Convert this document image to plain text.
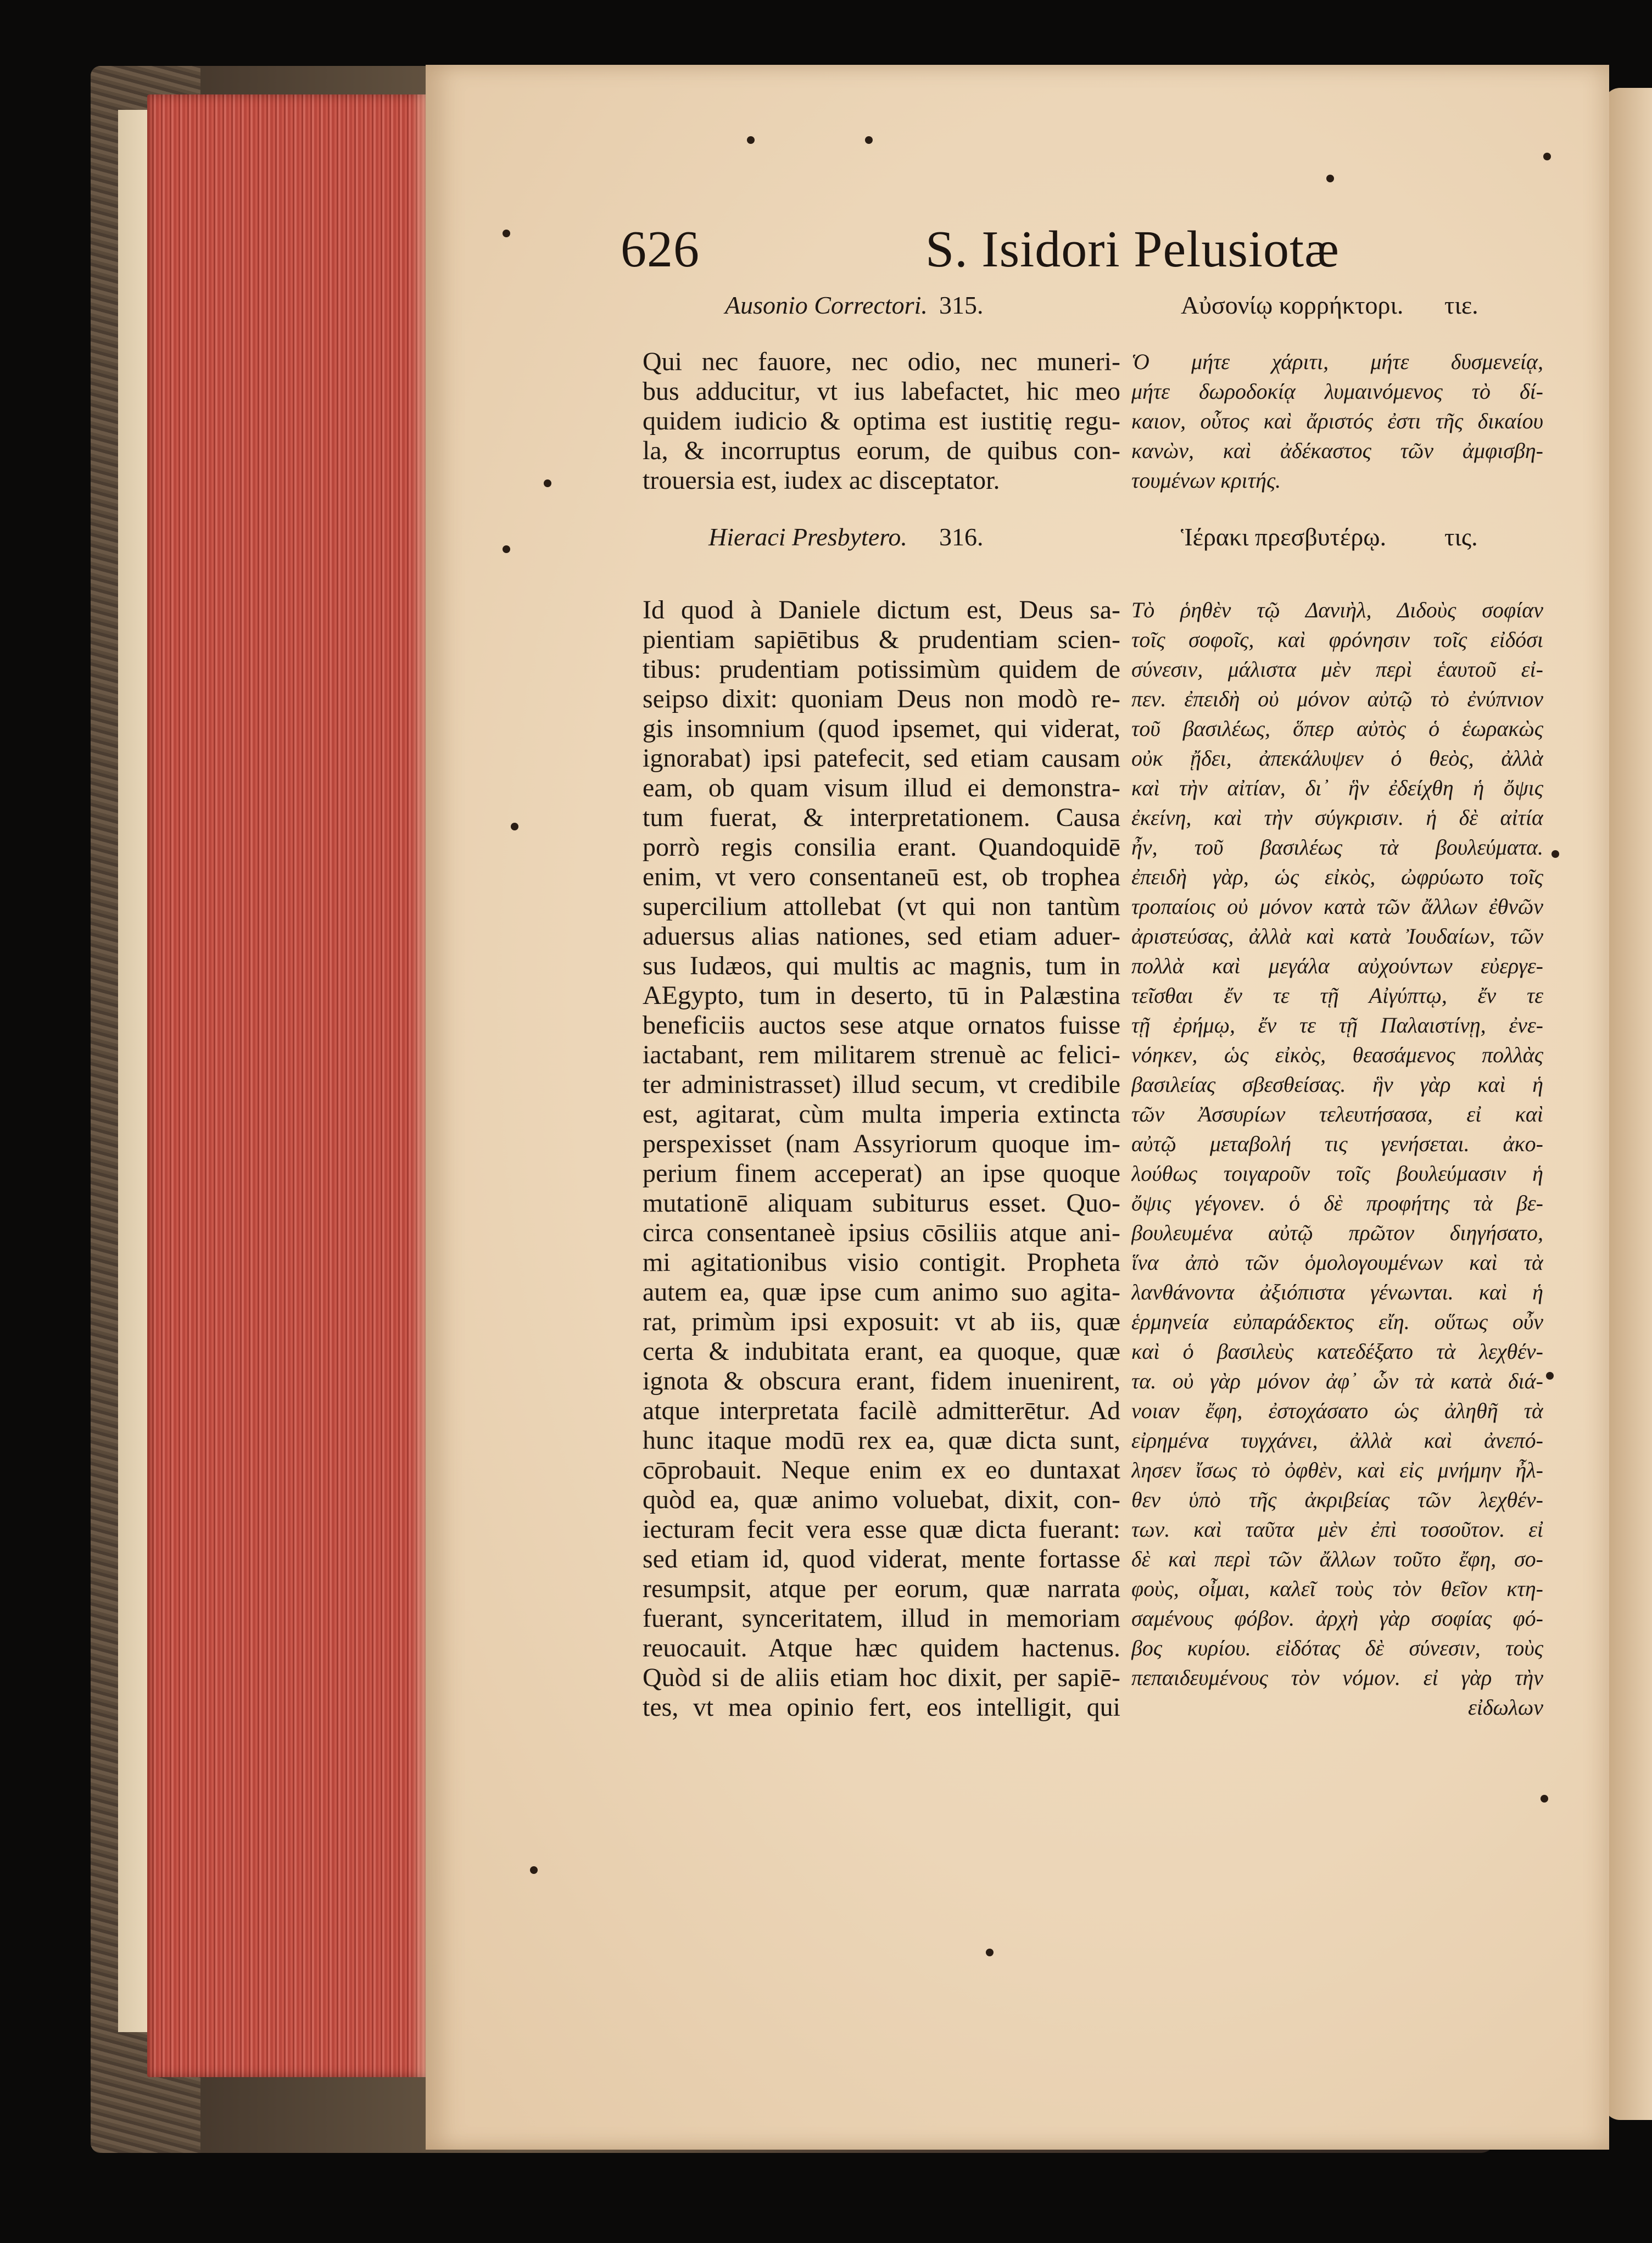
626	S. Isidori Pelusiotæ
Ausonio Correctori. 315.
Qui nec fauore, nec odio, nec muneri-
bus adducitur, vt ius labefactet, hic meo
quidem iudicio & optima est iustitię regu-
la, & incorruptus eorum, de quibus con-
trouersia est, iudex ac disceptator.
Hieraci Presbytero. 316.
Id quod à Daniele dictum est, Deus sa-
pientiam sapiētibus & prudentiam scien-
tibus: prudentiam potissimùm quidem de
seipso dixit: quoniam Deus non modò re-
gis insomnium (quod ipsemet, qui viderat,
ignorabat) ipsi patefecit, sed etiam causam
eam, ob quam visum illud ei demonstra-
tum fuerat, & interpretationem. Causa
porrò regis consilia erant. Quandoquidē
enim, vt vero consentaneū est, ob tropheа
supercilium attollebat (vt qui non tantùm
aduersus alias nationes, sed etiam aduer-
sus Iudæos, qui multis ac magnis, tum in
AEgypto, tum in deserto, tū in Palæstina
beneficiis auctos sese atque ornatos fuisse
iactabant, rem militarem strenuè ac felici-
ter administrasset) illud secum, vt credibile
est, agitarat, cùm multa imperia extincta
perspexisset (nam Assyriorum quoque im-
perium finem acceperat) an ipse quoque
mutationē aliquam subiturus esset. Quo-
circa consentaneè ipsius cōsiliis atque ani-
mi agitationibus visio contigit. Propheta
autem ea, quæ ipse cum animo suo agita-
rat, primùm ipsi exposuit: vt ab iis, quæ
certa & indubitata erant, ea quoque, quæ
ignota & obscura erant, fidem inuenirent,
atque interpretata facilè admitterētur. Ad
hunc itaque modū rex ea, quæ dicta sunt,
cōprobauit. Neque enim ex eo duntaxat
quòd ea, quæ animo voluebat, dixit, con-
iecturam fecit vera esse quæ dicta fuerant:
sed etiam id, quod viderat, mente fortasse
resumpsit, atque per eorum, quæ narrata
fuerant, synceritatem, illud in memoriam
reuocauit. Atque hæc quidem hactenus.
Quòd si de aliis etiam hoc dixit, per sapiē-
tes, vt mea opinio fert, eos intelligit, qui
Αὐσονίῳ κορρήκτορι. τιε.
Ὁ μήτε χάριτι, μήτε δυσμενείᾳ,
μήτε δωροδοκίᾳ λυμαινόμενος τὸ δί-
καιον, οὗτος καὶ ἄριστός ἐστι τῆς δικαίου
κανὼν, καὶ ἀδέκαστος τῶν ἀμφισβη-
τουμένων κριτής.
Ἱέρακι πρεσβυτέρῳ. τις.
Τὸ ῥηθὲν τῷ Δανιὴλ, Διδοὺς σοφίαν
τοῖς σοφοῖς, καὶ φρόνησιν τοῖς εἰδόσι
σύνεσιν, μάλιστα μὲν περὶ ἑαυτοῦ εἰ-
πεν. ἐπειδὴ οὐ μόνον αὐτῷ τὸ ἐνύπνιον
τοῦ βασιλέως, ὅπερ αὐτὸς ὁ ἑωρακὼς
οὐκ ᾔδει, ἀπεκάλυψεν ὁ θεὸς, ἀλλὰ
καὶ τὴν αἰτίαν, δι᾽ ἣν ἐδείχθη ἡ ὄψις
ἐκείνη, καὶ τὴν σύγκρισιν. ἡ δὲ αἰτία
ἦν, τοῦ βασιλέως τὰ βουλεύματα.
ἐπειδὴ γὰρ, ὡς εἰκὸς, ὠφρύωτο τοῖς
τροπαίοις οὐ μόνον κατὰ τῶν ἄλλων ἐθνῶν
ἀριστεύσας, ἀλλὰ καὶ κατὰ Ἰουδαίων, τῶν
πολλὰ καὶ μεγάλα αὐχούντων εὐεργε-
τεῖσθαι ἔν τε τῇ Αἰγύπτῳ, ἔν τε
τῇ ἐρήμῳ, ἔν τε τῇ Παλαιστίνῃ, ἐνε-
νόηκεν, ὡς εἰκὸς, θεασάμενος πολλὰς
βασιλείας σβεσθείσας. ἣν γὰρ καὶ ἡ
τῶν Ἀσσυρίων τελευτήσασα, εἰ καὶ
αὐτῷ μεταβολή τις γενήσεται. ἀκο-
λούθως τοιγαροῦν τοῖς βουλεύμασιν ἡ
ὄψις γέγονεν. ὁ δὲ προφήτης τὰ βε-
βουλευμένα αὐτῷ πρῶτον διηγήσατο,
ἵνα ἀπὸ τῶν ὁμολογουμένων καὶ τὰ
λανθάνοντα ἀξιόπιστα γένωνται. καὶ ἡ
ἑρμηνεία εὐπαράδεκτος εἴη. οὕτως οὖν
καὶ ὁ βασιλεὺς κατεδέξατο τὰ λεχθέν-
τα. οὐ γὰρ μόνον ἀφ᾽ ὧν τὰ κατὰ διά-
νοιαν ἔφη, ἐστοχάσατο ὡς ἀληθῆ τὰ
εἰρημένα τυγχάνει, ἀλλὰ καὶ ἀνεπό-
λησεν ἴσως τὸ ὀφθὲν, καὶ εἰς μνήμην ἦλ-
θεν ὑπὸ τῆς ἀκριβείας τῶν λεχθέν-
των. καὶ ταῦτα μὲν ἐπὶ τοσοῦτον. εἰ
δὲ καὶ περὶ τῶν ἄλλων τοῦτο ἔφη, σο-
φοὺς, οἶμαι, καλεῖ τοὺς τὸν θεῖον κτη-
σαμένους φόβον. ἀρχὴ γὰρ σοφίας φό-
βος κυρίου. εἰδότας δὲ σύνεσιν, τοὺς
πεπαιδευμένους τὸν νόμον. εἰ γὰρ τὴν
εἰδωλων
